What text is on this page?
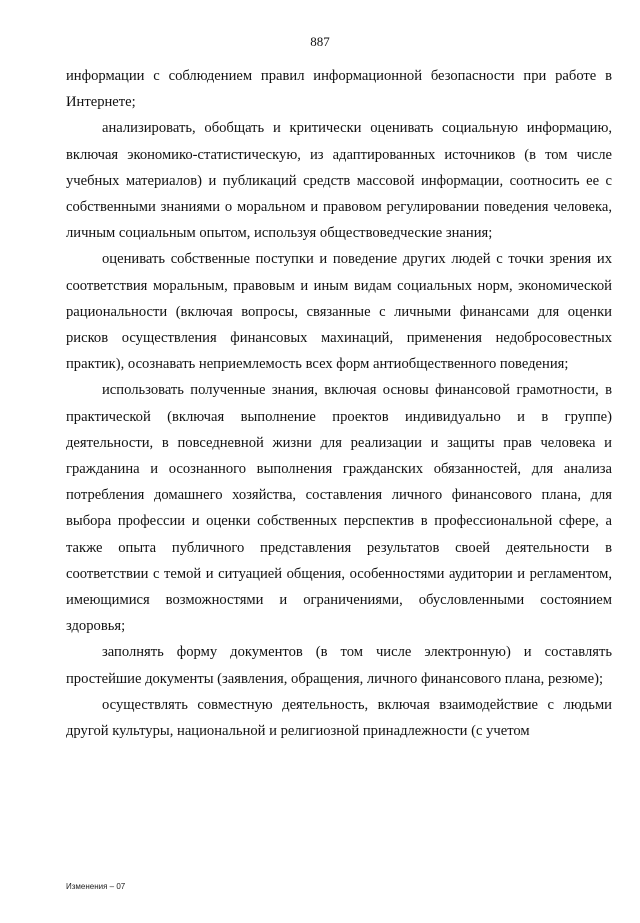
887

информации с соблюдением правил информационной безопасности при работе в Интернете;

анализировать, обобщать и критически оценивать социальную информацию, включая экономико-статистическую, из адаптированных источников (в том числе учебных материалов) и публикаций средств массовой информации, соотносить ее с собственными знаниями о моральном и правовом регулировании поведения человека, личным социальным опытом, используя обществоведческие знания;

оценивать собственные поступки и поведение других людей с точки зрения их соответствия моральным, правовым и иным видам социальных норм, экономической рациональности (включая вопросы, связанные с личными финансами для оценки рисков осуществления финансовых махинаций, применения недобросовестных практик), осознавать неприемлемость всех форм антиобщественного поведения;

использовать полученные знания, включая основы финансовой грамотности, в практической (включая выполнение проектов индивидуально и в группе) деятельности, в повседневной жизни для реализации и защиты прав человека и гражданина и осознанного выполнения гражданских обязанностей, для анализа потребления домашнего хозяйства, составления личного финансового плана, для выбора профессии и оценки собственных перспектив в профессиональной сфере, а также опыта публичного представления результатов своей деятельности в соответствии с темой и ситуацией общения, особенностями аудитории и регламентом, имеющимися возможностями и ограничениями, обусловленными состоянием здоровья;

заполнять форму документов (в том числе электронную) и составлять простейшие документы (заявления, обращения, личного финансового плана, резюме);

осуществлять совместную деятельность, включая взаимодействие с людьми другой культуры, национальной и религиозной принадлежности (с учетом

Изменения – 07
